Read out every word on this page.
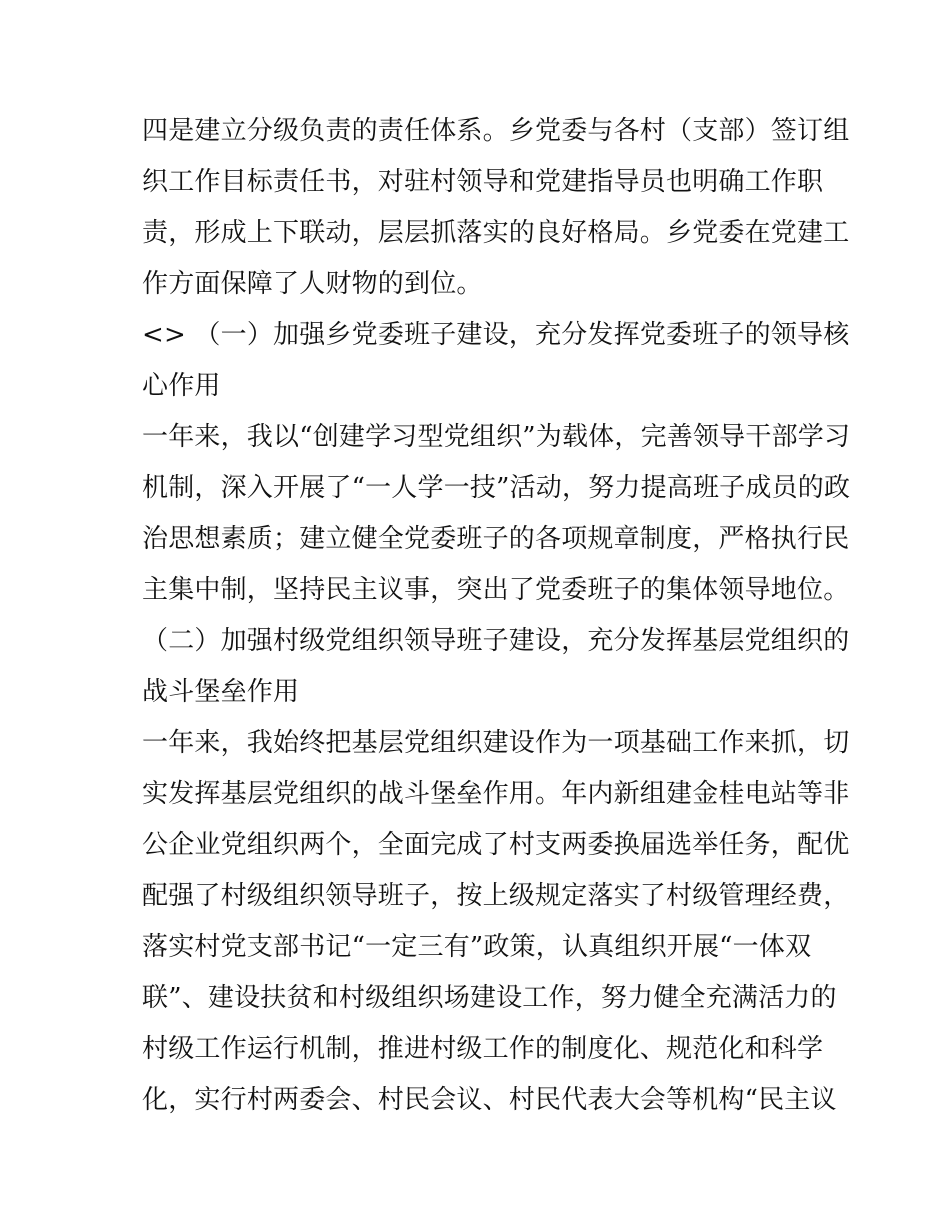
四是建立分级负责的责任体系。乡党委与各村（支部）签订组
织工作目标责任书，对驻村领导和党建指导员也明确工作职
责，形成上下联动，层层抓落实的良好格局。乡党委在党建工
作方面保障了人财物的到位。
<> （一）加强乡党委班子建设，充分发挥党委班子的领导核
心作用
一年来，我以“创建学习型党组织”为载体，完善领导干部学习
机制，深入开展了“一人学一技”活动，努力提高班子成员的政
治思想素质；建立健全党委班子的各项规章制度，严格执行民
主集中制，坚持民主议事，突出了党委班子的集体领导地位。
（二）加强村级党组织领导班子建设，充分发挥基层党组织的
战斗堡垒作用
一年来，我始终把基层党组织建设作为一项基础工作来抓，切
实发挥基层党组织的战斗堡垒作用。年内新组建金桂电站等非
公企业党组织两个，全面完成了村支两委换届选举任务，配优
配强了村级组织领导班子，按上级规定落实了村级管理经费，
落实村党支部书记“一定三有”政策，认真组织开展“一体双
联”、建设扶贫和村级组织场建设工作，努力健全充满活力的
村级工作运行机制，推进村级工作的制度化、规范化和科学
化，实行村两委会、村民会议、村民代表大会等机构“民主议
